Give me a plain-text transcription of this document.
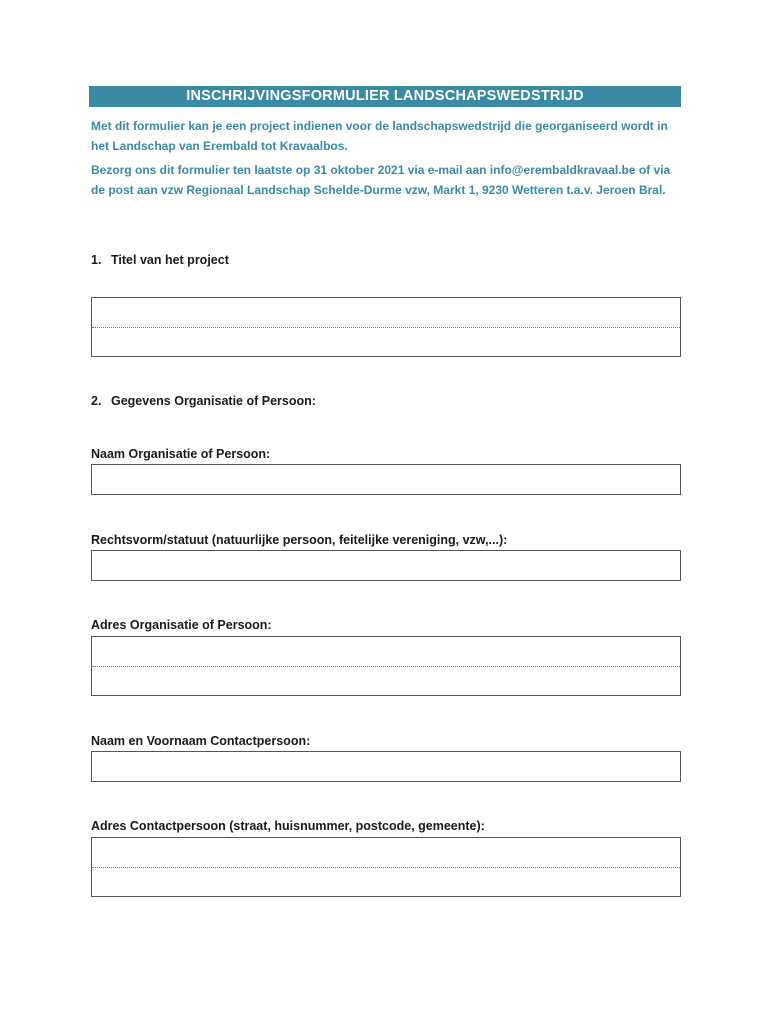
INSCHRIJVINGSFORMULIER LANDSCHAPSWEDSTRIJD
Met dit formulier kan je een project indienen voor de landschapswedstrijd die georganiseerd wordt in het Landschap van Erembald tot Kravaalbos.
Bezorg ons dit formulier ten laatste op 31 oktober 2021 via e-mail aan info@erembaldkravaal.be of via de post aan vzw Regionaal Landschap Schelde-Durme vzw, Markt 1, 9230 Wetteren t.a.v. Jeroen Bral.
1. Titel van het project
2. Gegevens Organisatie of Persoon:
Naam Organisatie of Persoon:
Rechtsvorm/statuut (natuurlijke persoon, feitelijke vereniging, vzw,...):
Adres Organisatie of Persoon:
Naam en Voornaam Contactpersoon:
Adres Contactpersoon (straat, huisnummer, postcode, gemeente):
